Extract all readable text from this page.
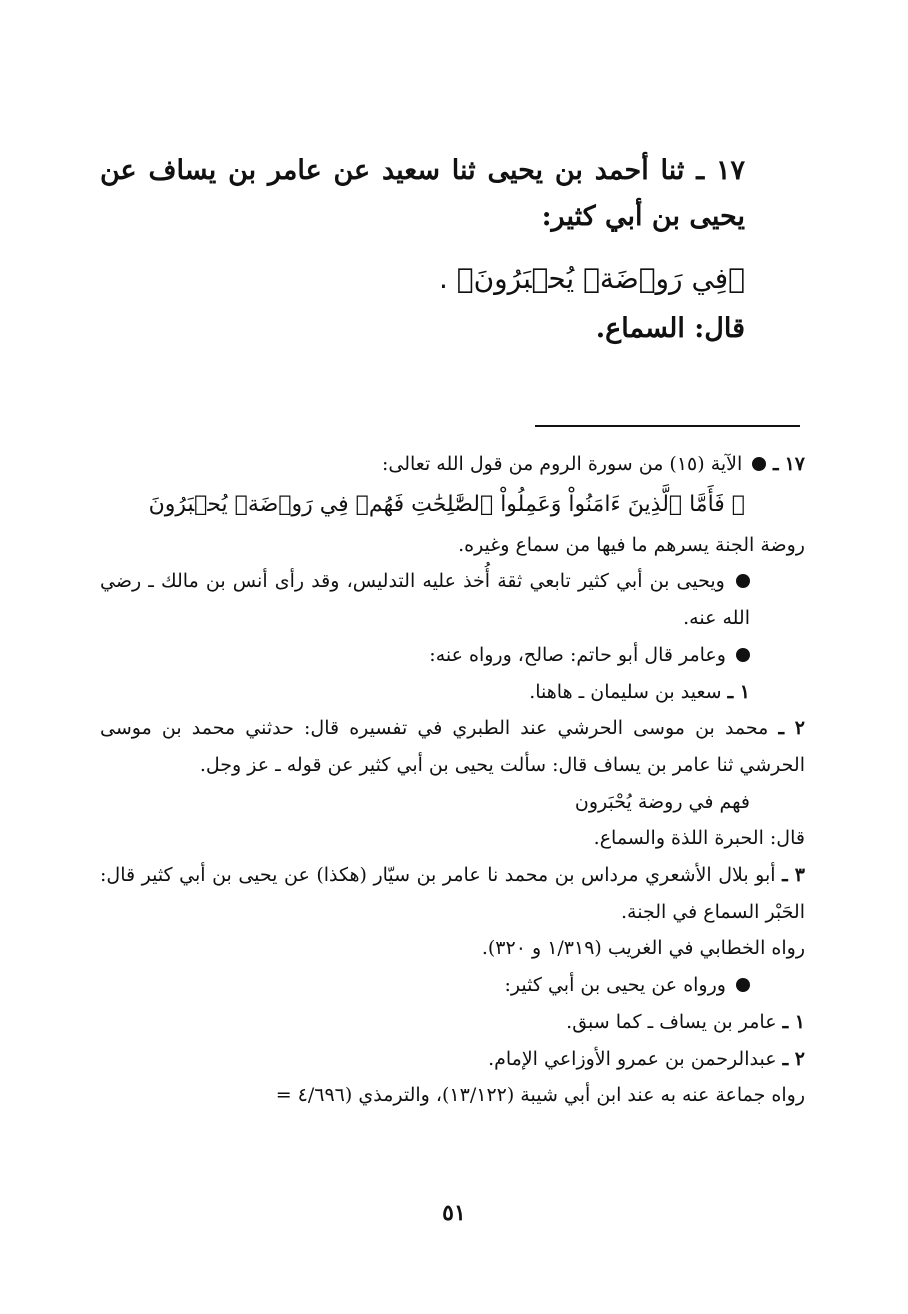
١٧ ـ ثنا أحمد بن يحيى ثنا سعيد عن عامر بن يساف عن يحيى بن أبي كثير:
﴿فِي رَوۡضَةٖ يُحۡبَرُونَ﴾ .
قال: السماع.

١٧ ـ  الآية (١٥) من سورة الروم من قول الله تعالى:

﴿ فَأَمَّا ٱلَّذِينَ ءَامَنُواْ وَعَمِلُواْ ٱلصَّٰلِحَٰتِ فَهُمۡ فِي رَوۡضَةٖ يُحۡبَرُونَ

روضة الجنة يسرهم ما فيها من سماع وغيره.

ويحيى بن أبي كثير تابعي ثقة أُخذ عليه التدليس، وقد رأى أنس بن مالك ـ رضي الله عنه.

وعامر قال أبو حاتم: صالح، ورواه عنه:

١ ـ سعيد بن سليمان ـ هاهنا.

٢ ـ محمد بن موسى الحرشي عند الطبري في تفسيره قال: حدثني محمد بن موسى الحرشي ثنا عامر بن يساف قال: سألت يحيى بن أبي كثير عن قوله ـ عز وجل.

فهم في روضة يُحْبَرون

قال: الحبرة اللذة والسماع.

٣ ـ أبو بلال الأشعري مرداس بن محمد نا عامر بن سيّار (هكذا) عن يحيى بن أبي كثير قال: الحَبْر السماع في الجنة.

رواه الخطابي في الغريب (١/٣١٩ و ٣٢٠).

ورواه عن يحيى بن أبي كثير:

١ ـ عامر بن يساف ـ كما سبق.

٢ ـ عبدالرحمن بن عمرو الأوزاعي الإمام.

رواه جماعة عنه به عند ابن أبي شيبة (١٣/١٢٢)، والترمذي (٤/٦٩٦ =

٥١
